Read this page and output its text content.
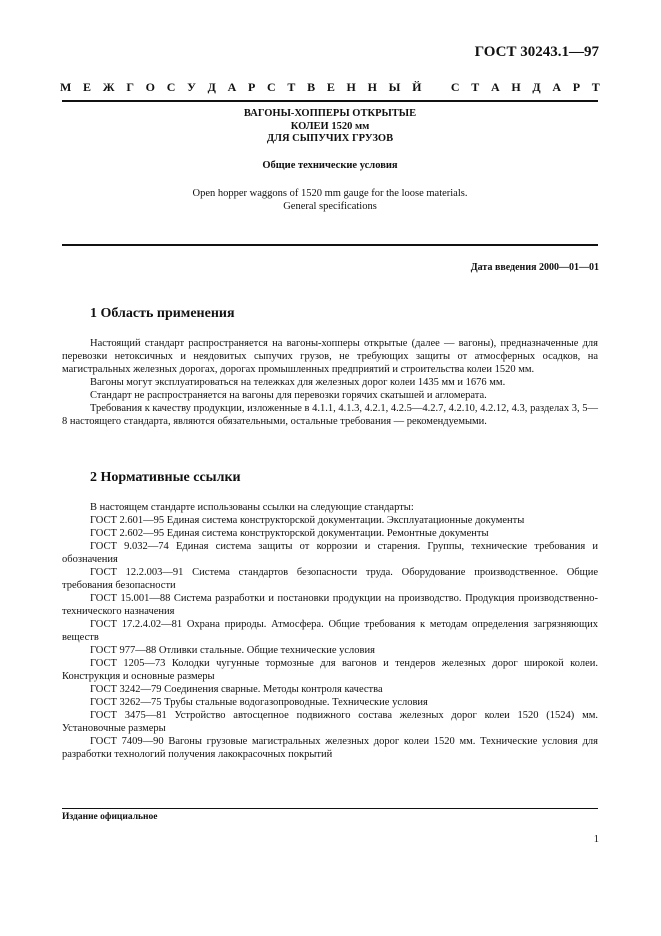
ГОСТ 30243.1—97
М Е Ж Г О С У Д А Р С Т В Е Н Н Ы Й
С Т А Н Д А Р Т
ВАГОНЫ-ХОППЕРЫ ОТКРЫТЫЕ
КОЛЕИ 1520 мм
ДЛЯ СЫПУЧИХ ГРУЗОВ
Общие технические условия
Open hopper waggons of 1520 mm gauge for the loose materials.
General specifications
Дата введения 2000—01—01
1 Область применения

Настоящий стандарт распространяется на вагоны-хопперы открытые (далее — вагоны), предназначенные для перевозки нетоксичных и неядовитых сыпучих грузов, не требующих защиты от атмосферных осадков, на магистральных железных дорогах, дорогах промышленных предприятий и строительства колеи 1520 мм.

Вагоны могут эксплуатироваться на тележках для железных дорог колеи 1435 мм и 1676 мм.

Стандарт не распространяется на вагоны для перевозки горячих скатышей и агломерата.

Требования к качеству продукции, изложенные в 4.1.1, 4.1.3, 4.2.1, 4.2.5—4.2.7, 4.2.10, 4.2.12, 4.3, разделах 3, 5—8 настоящего стандарта, являются обязательными, остальные требования — рекомендуемыми.

2 Нормативные ссылки

В настоящем стандарте использованы ссылки на следующие стандарты:

ГОСТ 2.601—95 Единая система конструкторской документации. Эксплуатационные документы

ГОСТ 2.602—95 Единая система конструкторской документации. Ремонтные документы

ГОСТ 9.032—74 Единая система защиты от коррозии и старения. Группы, технические требования и обозначения

ГОСТ 12.2.003—91 Система стандартов безопасности труда. Оборудование производственное. Общие требования безопасности

ГОСТ 15.001—88 Система разработки и постановки продукции на производство. Продукция производственно-технического назначения

ГОСТ 17.2.4.02—81 Охрана природы. Атмосфера. Общие требования к методам определения загрязняющих веществ

ГОСТ 977—88 Отливки стальные. Общие технические условия

ГОСТ 1205—73 Колодки чугунные тормозные для вагонов и тендеров железных дорог широкой колеи. Конструкция и основные размеры

ГОСТ 3242—79 Соединения сварные. Методы контроля качества

ГОСТ 3262—75 Трубы стальные водогазопроводные. Технические условия

ГОСТ 3475—81 Устройство автосцепное подвижного состава железных дорог колеи 1520 (1524) мм. Установочные размеры

ГОСТ 7409—90 Вагоны грузовые магистральных железных дорог колеи 1520 мм. Технические условия для разработки технологий получения лакокрасочных покрытий

Издание официальное
1
